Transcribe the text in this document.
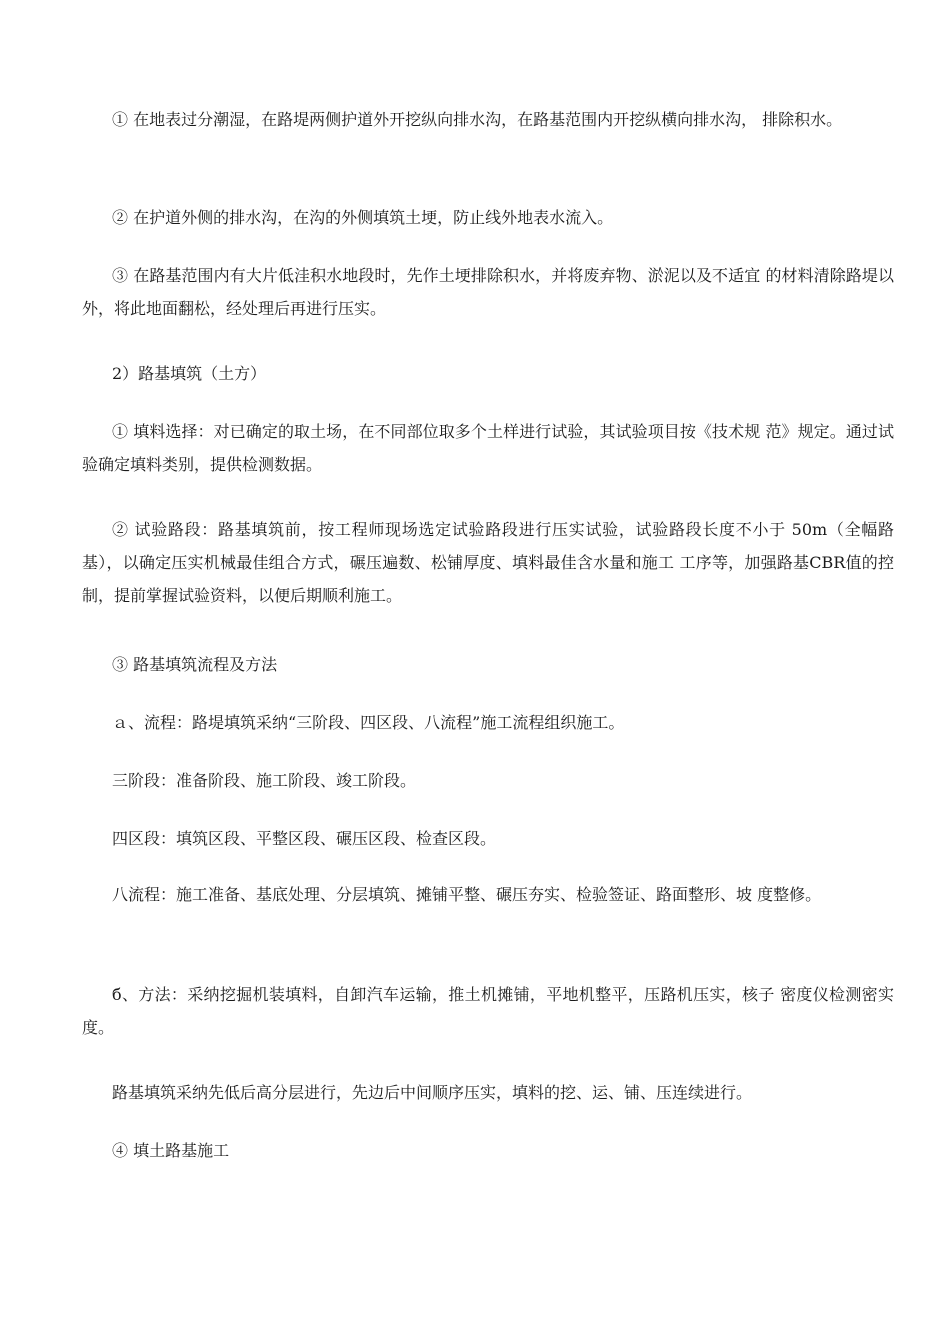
① 在地表过分潮湿，在路堤两侧护道外开挖纵向排水沟，在路基范围内开挖纵横向排水沟， 排除积水。

② 在护道外侧的排水沟，在沟的外侧填筑土埂，防止线外地表水流入。

③ 在路基范围内有大片低洼积水地段时，先作土埂排除积水，并将废弃物、淤泥以及不适宜 的材料清除路堤以外，将此地面翻松，经处理后再进行压实。

2）路基填筑（土方）

① 填料选择：对已确定的取土场，在不同部位取多个土样进行试验，其试验项目按《技术规 范》规定。通过试验确定填料类别，提供检测数据。

② 试验路段：路基填筑前，按工程师现场选定试验路段进行压实试验，试验路段长度不小于 50m（全幅路基），以确定压实机械最佳组合方式，碾压遍数、松铺厚度、填料最佳含水量和施工 工序等，加强路基CBR值的控制，提前掌握试验资料，以便后期顺利施工。

③ 路基填筑流程及方法

ａ、流程：路堤填筑采纳“三阶段、四区段、八流程”施工流程组织施工。

三阶段：准备阶段、施工阶段、竣工阶段。

四区段：填筑区段、平整区段、碾压区段、检查区段。

八流程：施工准备、基底处理、分层填筑、摊铺平整、碾压夯实、检验签证、路面整形、坡 度整修。

б、方法：采纳挖掘机装填料，自卸汽车运输，推土机摊铺，平地机整平，压路机压实，核子 密度仪检测密实度。

路基填筑采纳先低后高分层进行，先边后中间顺序压实，填料的挖、运、铺、压连续进行。

④ 填土路基施工
